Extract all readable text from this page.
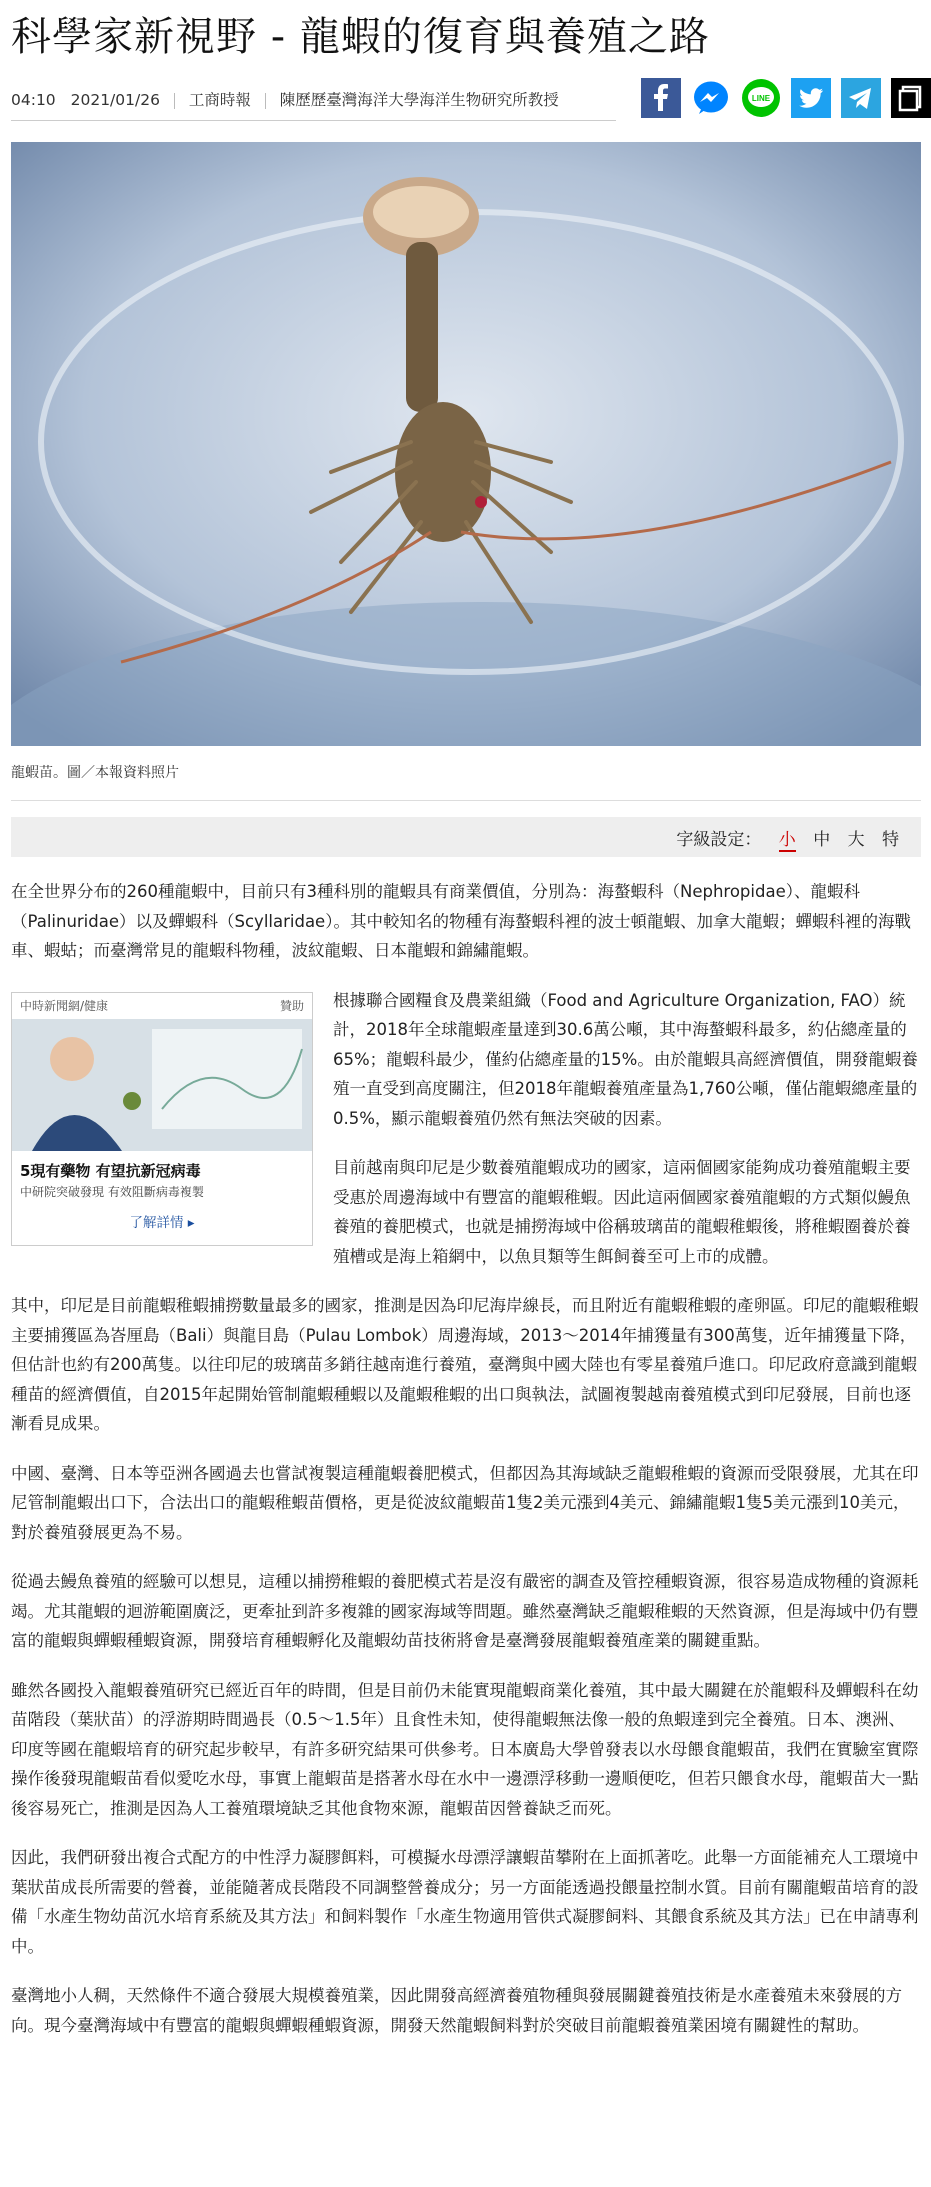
科學家新視野 - 龍蝦的復育與養殖之路
04:10 2021/01/26 工商時報 陳歷歷臺灣海洋大學海洋生物研究所教授	LINE
龍蝦苗。圖／本報資料照片
字級設定： 小 中 大 特

在全世界分布的260種龍蝦中，目前只有3種科別的龍蝦具有商業價值，分別為：海螯蝦科（Nephropidae）、龍蝦科（Palinuridae）以及蟬蝦科（Scyllaridae）。其中較知名的物種有海螯蝦科裡的波士頓龍蝦、加拿大龍蝦；蟬蝦科裡的海戰車、蝦蛄；而臺灣常見的龍蝦科物種，波紋龍蝦、日本龍蝦和錦繡龍蝦。

中時新聞網/健康	贊助
5現有藥物 有望抗新冠病毒
中研院突破發現 有效阻斷病毒複製
了解詳情 ▸

根據聯合國糧食及農業組織（Food and Agriculture Organization, FAO）統計，2018年全球龍蝦產量達到30.6萬公噸，其中海螯蝦科最多，約佔總產量的65%；龍蝦科最少，僅約佔總產量的15%。由於龍蝦具高經濟價值，開發龍蝦養殖一直受到高度關注，但2018年龍蝦養殖產量為1,760公噸，僅佔龍蝦總產量的0.5%，顯示龍蝦養殖仍然有無法突破的因素。

目前越南與印尼是少數養殖龍蝦成功的國家，這兩個國家能夠成功養殖龍蝦主要受惠於周邊海域中有豐富的龍蝦稚蝦。因此這兩個國家養殖龍蝦的方式類似鰻魚養殖的養肥模式，也就是捕撈海域中俗稱玻璃苗的龍蝦稚蝦後，將稚蝦圈養於養殖槽或是海上箱網中，以魚貝類等生餌飼養至可上市的成體。

其中，印尼是目前龍蝦稚蝦捕撈數量最多的國家，推測是因為印尼海岸線長，而且附近有龍蝦稚蝦的產卵區。印尼的龍蝦稚蝦主要捕獲區為峇厘島（Bali）與龍目島（Pulau Lombok）周邊海域，2013～2014年捕獲量有300萬隻，近年捕獲量下降，但估計也約有200萬隻。以往印尼的玻璃苗多銷往越南進行養殖，臺灣與中國大陸也有零星養殖戶進口。印尼政府意識到龍蝦種苗的經濟價值，自2015年起開始管制龍蝦種蝦以及龍蝦稚蝦的出口與執法，試圖複製越南養殖模式到印尼發展，目前也逐漸看見成果。

中國、臺灣、日本等亞洲各國過去也嘗試複製這種龍蝦養肥模式，但都因為其海域缺乏龍蝦稚蝦的資源而受限發展，尤其在印尼管制龍蝦出口下，合法出口的龍蝦稚蝦苗價格，更是從波紋龍蝦苗1隻2美元漲到4美元、錦繡龍蝦1隻5美元漲到10美元，對於養殖發展更為不易。

從過去鰻魚養殖的經驗可以想見，這種以捕撈稚蝦的養肥模式若是沒有嚴密的調查及管控種蝦資源，很容易造成物種的資源耗竭。尤其龍蝦的迴游範圍廣泛，更牽扯到許多複雜的國家海域等問題。雖然臺灣缺乏龍蝦稚蝦的天然資源，但是海域中仍有豐富的龍蝦與蟬蝦種蝦資源，開發培育種蝦孵化及龍蝦幼苗技術將會是臺灣發展龍蝦養殖產業的關鍵重點。

雖然各國投入龍蝦養殖研究已經近百年的時間，但是目前仍未能實現龍蝦商業化養殖，其中最大關鍵在於龍蝦科及蟬蝦科在幼苗階段（葉狀苗）的浮游期時間過長（0.5～1.5年）且食性未知，使得龍蝦無法像一般的魚蝦達到完全養殖。日本、澳洲、印度等國在龍蝦培育的研究起步較早，有許多研究結果可供參考。日本廣島大學曾發表以水母餵食龍蝦苗，我們在實驗室實際操作後發現龍蝦苗看似愛吃水母，事實上龍蝦苗是搭著水母在水中一邊漂浮移動一邊順便吃，但若只餵食水母，龍蝦苗大一點後容易死亡，推測是因為人工養殖環境缺乏其他食物來源，龍蝦苗因營養缺乏而死。

因此，我們研發出複合式配方的中性浮力凝膠餌料，可模擬水母漂浮讓蝦苗攀附在上面抓著吃。此舉一方面能補充人工環境中葉狀苗成長所需要的營養，並能隨著成長階段不同調整營養成分；另一方面能透過投餵量控制水質。目前有關龍蝦苗培育的設備「水產生物幼苗沉水培育系統及其方法」和飼料製作「水產生物適用管供式凝膠飼料、其餵食系統及其方法」已在申請專利中。

臺灣地小人稠，天然條件不適合發展大規模養殖業，因此開發高經濟養殖物種與發展關鍵養殖技術是水產養殖未來發展的方向。現今臺灣海域中有豐富的龍蝦與蟬蝦種蝦資源，開發天然龍蝦飼料對於突破目前龍蝦養殖業困境有關鍵性的幫助。
